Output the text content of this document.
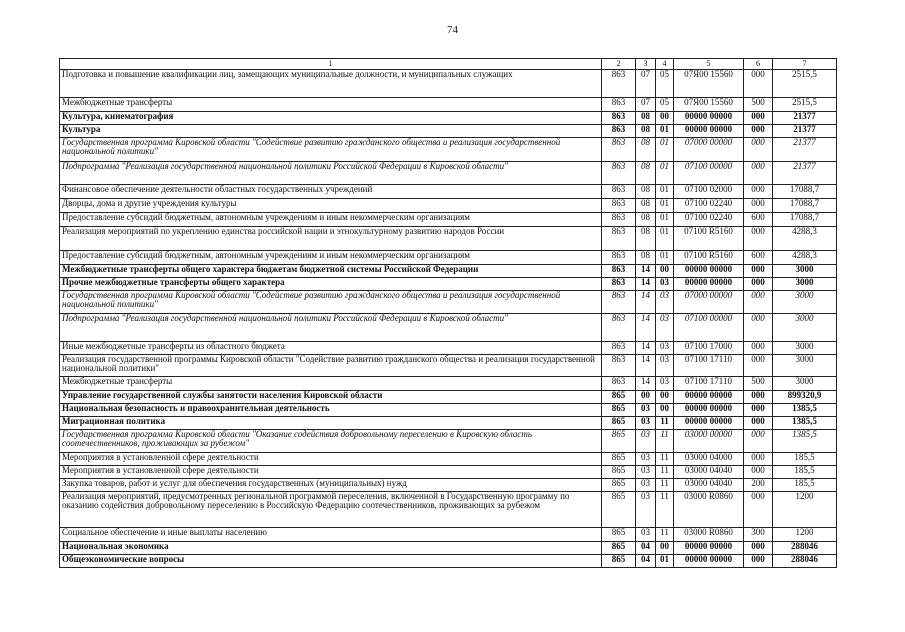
74
1	2	3	4	5	6	7
Подготовка и повышение квалификации лиц, замещающих муниципальные должности, и муниципальных служащих	863	07	05	07Я00 15560	000	2515,5
Межбюджетные трансферты	863	07	05	07Я00 15560	500	2515,5
Культура, кинематография	863	08	00	00000 00000	000	21377
Культура	863	08	01	00000 00000	000	21377
Государственная программа Кировской области "Содействие развитию гражданского общества и реализация государственной национальной политики"	863	08	01	07000 00000	000	21377
Подпрограмма "Реализация государственной национальной политики Российской Федерации в Кировской области"	863	08	01	07100 00000	000	21377
Финансовое обеспечение деятельности областных государственных учреждений	863	08	01	07100 02000	000	17088,7
Дворцы, дома и другие учреждения культуры	863	08	01	07100 02240	000	17088,7
Предоставление субсидий бюджетным, автономным учреждениям и иным некоммерческим организациям	863	08	01	07100 02240	600	17088,7
Реализация мероприятий по укреплению единства российской нации и этнокультурному развитию народов России	863	08	01	07100 R5160	000	4288,3
Предоставление субсидий бюджетным, автономным учреждениям и иным некоммерческим организациям	863	08	01	07100 R5160	600	4288,3
Межбюджетные трансферты общего характера бюджетам бюджетной системы Российской Федерации	863	14	00	00000 00000	000	3000
Прочие межбюджетные трансферты общего характера	863	14	03	00000 00000	000	3000
Государственная программа Кировской области "Содействие развитию гражданского общества и реализация государственной национальной политики"	863	14	03	07000 00000	000	3000
Подпрограмма "Реализация государственной национальной политики Российской Федерации в Кировской области"	863	14	03	07100 00000	000	3000
Иные межбюджетные трансферты из областного бюджета	863	14	03	07100 17000	000	3000
Реализация государственной программы Кировской области "Содействие развитию гражданского общества и реализация государственной национальной политики"	863	14	03	07100 17110	000	3000
Межбюджетные трансферты	863	14	03	07100 17110	500	3000
Управление государственной службы занятости населения Кировской области	865	00	00	00000 00000	000	899320,9
Национальная безопасность и правоохранительная деятельность	865	03	00	00000 00000	000	1385,5
Миграционная политика	865	03	11	00000 00000	000	1385,5
Государственная программа Кировской области "Оказание содействия добровольному переселению в Кировскую область соотечественников, проживающих за рубежом"	865	03	11	03000 00000	000	1385,5
Мероприятия в установленной сфере деятельности	865	03	11	03000 04000	000	185,5
Мероприятия в установленной сфере деятельности	865	03	11	03000 04040	000	185,5
Закупка товаров, работ и услуг для обеспечения государственных (муниципальных) нужд	865	03	11	03000 04040	200	185,5
Реализация мероприятий, предусмотренных региональной программой переселения, включенной в Государственную программу по оказанию содействия добровольному переселению в Российскую Федерацию соотечественников, проживающих за рубежом	865	03	11	03000 R0860	000	1200
Социальное обеспечение и иные выплаты населению	865	03	11	03000 R0860	300	1200
Национальная экономика	865	04	00	00000 00000	000	288046
Общеэкономические вопросы	865	04	01	00000 00000	000	288046
